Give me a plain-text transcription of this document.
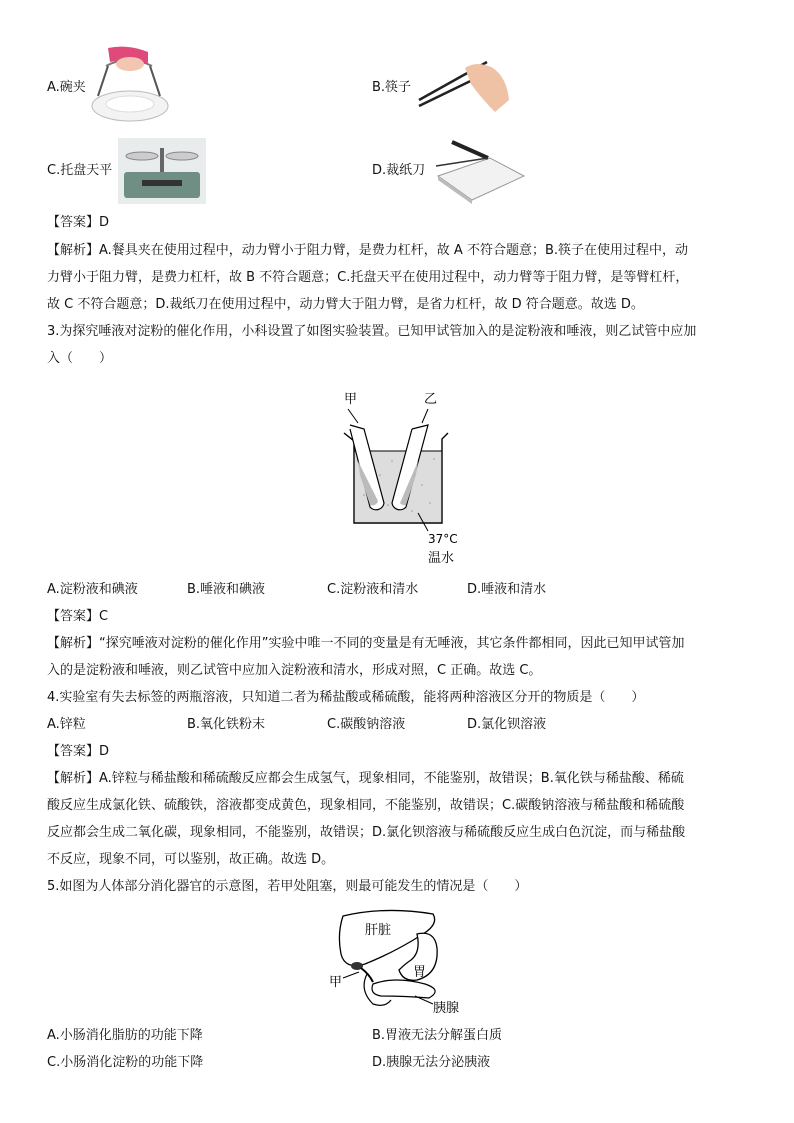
A.碗夹	B.筷子
C.托盘天平	D.裁纸刀
【答案】D
【解析】A.餐具夹在使用过程中，动力臂小于阻力臂，是费力杠杆，故 A 不符合题意；B.筷子在使用过程中，动
力臂小于阻力臂，是费力杠杆，故 B 不符合题意；C.托盘天平在使用过程中，动力臂等于阻力臂，是等臂杠杆，
故 C 不符合题意；D.裁纸刀在使用过程中，动力臂大于阻力臂，是省力杠杆，故 D 符合题意。故选 D。
3.为探究唾液对淀粉的催化作用，小科设置了如图实验装置。已知甲试管加入的是淀粉液和唾液，则乙试管中应加
入（　　）
甲	乙
37°C
温水
A.淀粉液和碘液	B.唾液和碘液	C.淀粉液和清水	D.唾液和清水
【答案】C
【解析】“探究唾液对淀粉的催化作用”实验中唯一不同的变量是有无唾液，其它条件都相同，因此已知甲试管加
入的是淀粉液和唾液，则乙试管中应加入淀粉液和清水，形成对照，C 正确。故选 C。
4.实验室有失去标签的两瓶溶液，只知道二者为稀盐酸或稀硫酸，能将两种溶液区分开的物质是（　　）
A.锌粒	B.氧化铁粉末	C.碳酸钠溶液	D.氯化钡溶液
【答案】D
【解析】A.锌粒与稀盐酸和稀硫酸反应都会生成氢气，现象相同，不能鉴别，故错误；B.氧化铁与稀盐酸、稀硫
酸反应生成氯化铁、硫酸铁，溶液都变成黄色，现象相同，不能鉴别，故错误；C.碳酸钠溶液与稀盐酸和稀硫酸
反应都会生成二氧化碳，现象相同，不能鉴别，故错误；D.氯化钡溶液与稀硫酸反应生成白色沉淀，而与稀盐酸
不反应，现象不同，可以鉴别，故正确。故选 D。
5.如图为人体部分消化器官的示意图，若甲处阻塞，则最可能发生的情况是（　　）
肝脏
胃
甲
胰腺
A.小肠消化脂肪的功能下降	B.胃液无法分解蛋白质
C.小肠消化淀粉的功能下降	D.胰腺无法分泌胰液
